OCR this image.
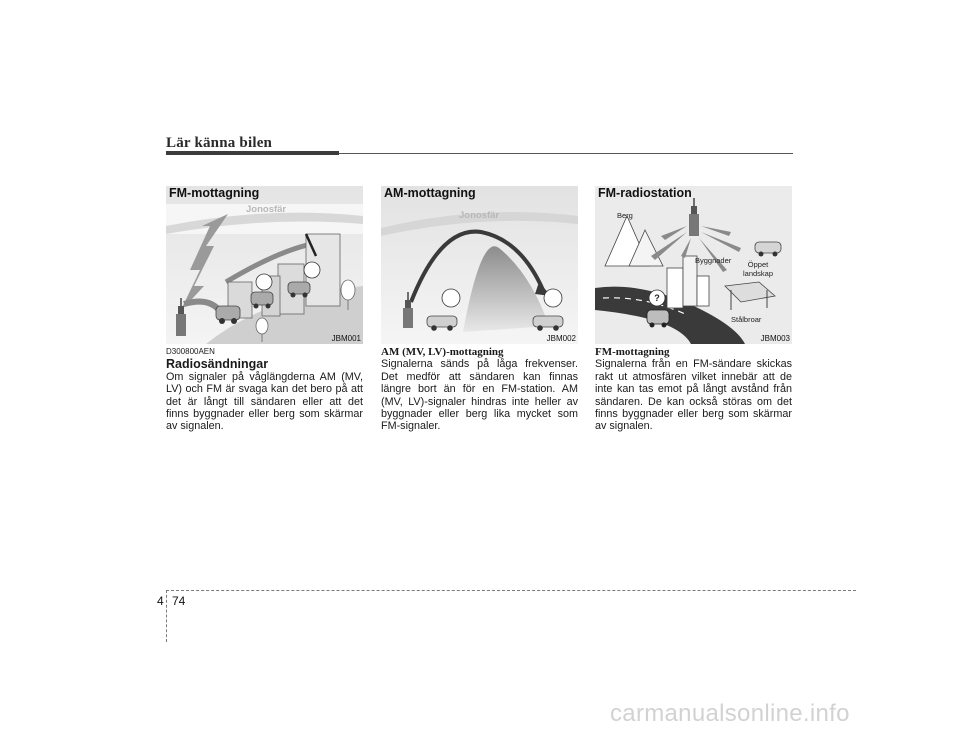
Lär känna bilen
FM-mottagning
Jonosfär
JBM001
AM-mottagning
Jonosfär
JBM002
?
FM-radiostation
Berg
Byggnader	Öppet landskap
Stålbroar
JBM003

D300800AEN

Radiosändningar

Om signaler på våglängderna AM (MV, LV) och FM är svaga kan det bero på att det är långt till sändaren eller att det finns byggnader eller berg som skärmar av signalen.

AM (MV, LV)-mottagning

Signalerna sänds på låga frekvenser. Det medför att sändaren kan finnas längre bort än för en FM-station. AM (MV, LV)-signaler hindras inte heller av byggnader eller berg lika mycket som FM-signaler.

FM-mottagning

Signalerna från en FM-sändare skickas rakt ut atmosfären vilket innebär att de inte kan tas emot på långt avstånd från sändaren. De kan också störas om det finns byggnader eller berg som skärmar av signalen.

4 74
carmanualsonline.info
